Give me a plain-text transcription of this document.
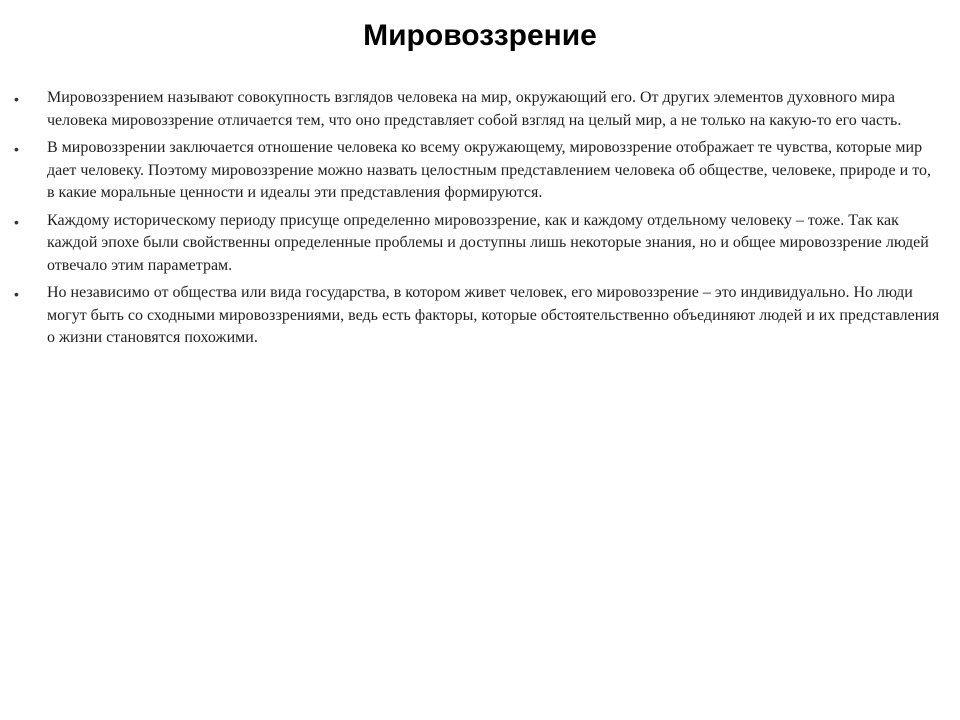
Мировоззрение
• Мировоззрением называют совокупность взглядов человека на мир, окружающий его. От других элементов духовного мира человека мировоззрение отличается тем, что оно представляет собой взгляд на целый мир, а не только на какую-то его часть.
• В мировоззрении заключается отношение человека ко всему окружающему, мировоззрение отображает те чувства, которые мир дает человеку. Поэтому мировоззрение можно назвать целостным представлением человека об обществе, человеке, природе и то, в какие моральные ценности и идеалы эти представления формируются.
• Каждому историческому периоду присуще определенно мировоззрение, как и каждому отдельному человеку – тоже. Так как каждой эпохе были свойственны определенные проблемы и доступны лишь некоторые знания, но и общее мировоззрение людей отвечало этим параметрам.
• Но независимо от общества или вида государства, в котором живет человек, его мировоззрение – это индивидуально. Но люди могут быть со сходными мировоззрениями, ведь есть факторы, которые обстоятельственно объединяют людей и их представления о жизни становятся похожими.
